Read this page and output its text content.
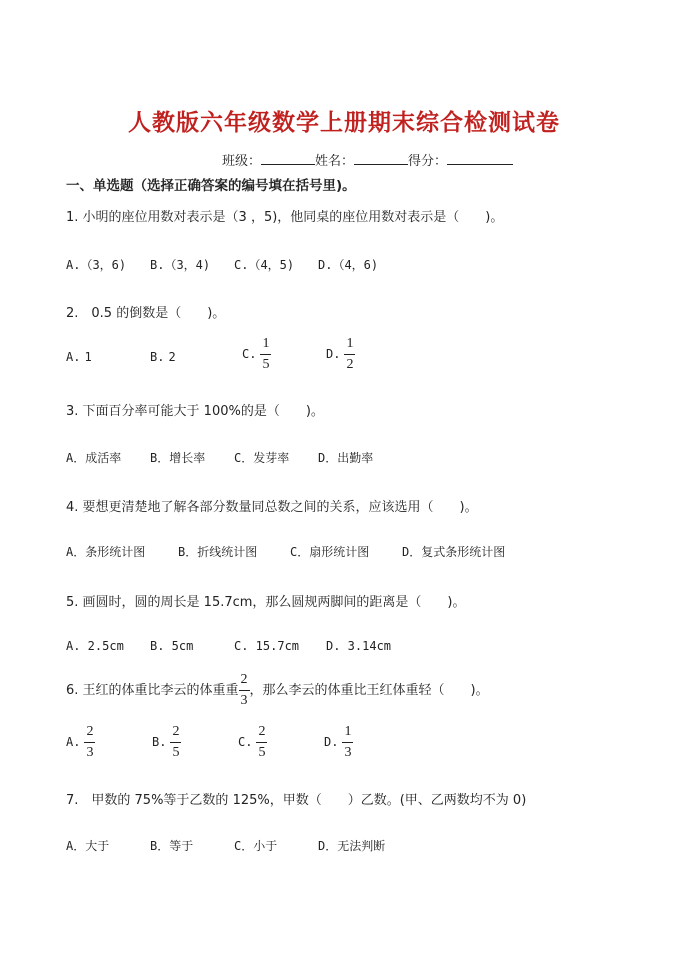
人教版六年级数学上册期末综合检测试卷
班级：	姓名：	得分：
一、单选题（选择正确答案的编号填在括号里)。
1. 小明的座位用数对表示是（3 ，5)，他同桌的座位用数对表示是（　　)。
A.（3，6) B.（3，4) C.（4，5) D.（4，6)
2.　0.5 的倒数是（　　)。
A. 1	B. 2	C. $\frac{1}{5}$	D. $\frac{1}{2}$
3. 下面百分率可能大于 100%的是（　　)。
A．成活率 B．增长率 C．发芽率 D．出勤率
4. 要想更清楚地了解各部分数量同总数之间的关系，应该选用（　　)。
A．条形统计图	B．折线统计图	C．扇形统计图	D．复式条形统计图
5. 画圆时，圆的周长是 15.7cm，那么圆规两脚间的距离是（　　)。
A. 2.5cm B. 5cm	C. 15.7cm D. 3.14cm
6. 王红的体重比李云的体重重 $\frac{2}{3}$ ，那么李云的体重比王红体重轻（　　)。
A. $\frac{2}{3}$	B. $\frac{2}{5}$	C. $\frac{2}{5}$	D. $\frac{1}{3}$
7.　甲数的 75%等于乙数的 125%，甲数（　　）乙数。(甲、乙两数均不为 0)
A．大于	B．等于	C．小于	D．无法判断
